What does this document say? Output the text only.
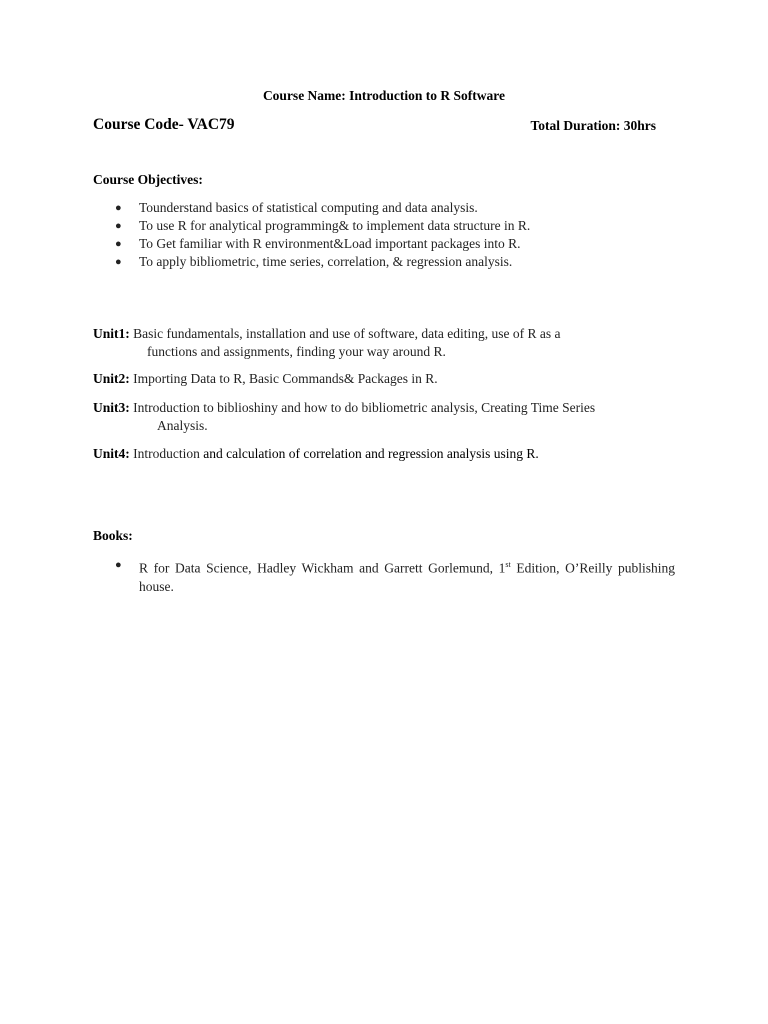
Course Name: Introduction to R Software
Course Code- VAC79	Total Duration: 30hrs
Course Objectives:
● Tounderstand basics of statistical computing and data analysis.
● To use R for analytical programming& to implement data structure in R.
● To Get familiar with R environment&Load important packages into R.
● To apply bibliometric, time series, correlation, & regression analysis.
Unit1: Basic fundamentals, installation and use of software, data editing, use of R as a
functions and assignments, finding your way around R.
Unit2: Importing Data to R, Basic Commands& Packages in R.
Unit3: Introduction to biblioshiny and how to do bibliometric analysis, Creating Time Series
Analysis.
Unit4: Introduction and calculation of correlation and regression analysis using R.
Books:
● R for Data Science, Hadley Wickham and Garrett Gorlemund, 1st Edition, O’Reilly publishing house.
